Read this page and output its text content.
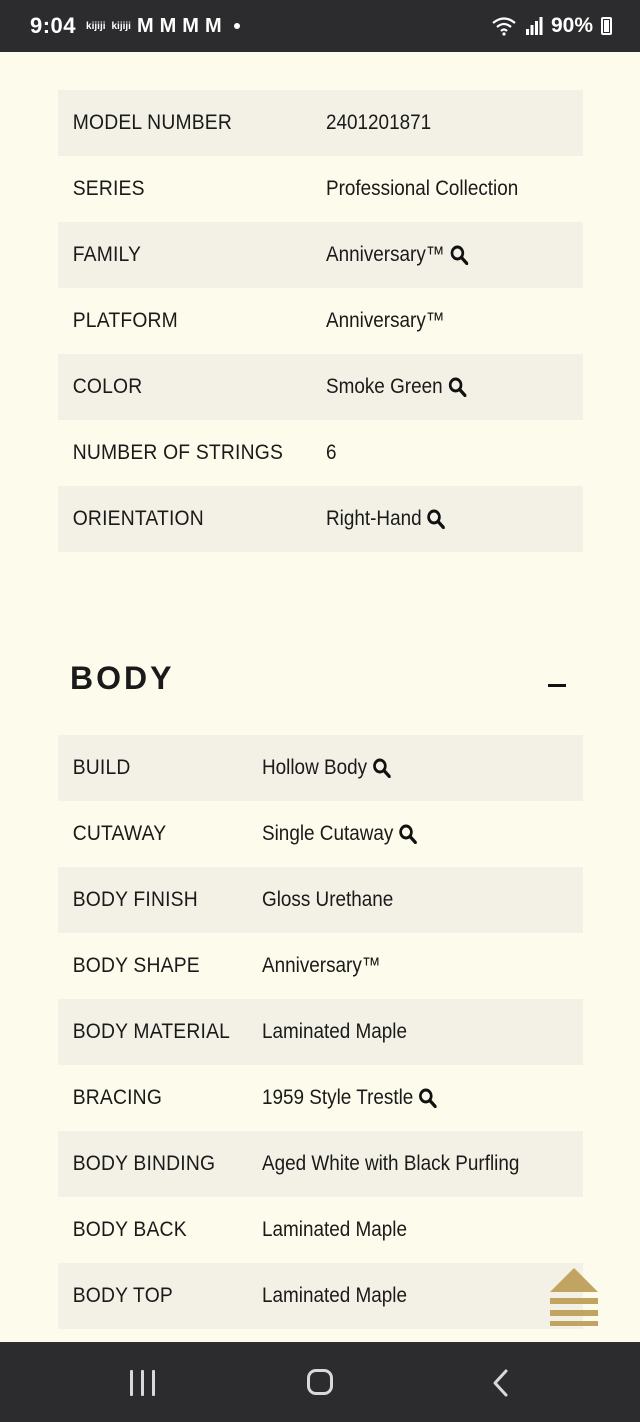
9:04 kijiji kijiji M M M M	90%
MODEL NUMBER	2401201871
SERIES	Professional Collection
FAMILY	Anniversary™
PLATFORM	Anniversary™
COLOR	Smoke Green
NUMBER OF STRINGS	6
ORIENTATION	Right-Hand
BODY
BUILD	Hollow Body
CUTAWAY	Single Cutaway
BODY FINISH	Gloss Urethane
BODY SHAPE	Anniversary™
BODY MATERIAL	Laminated Maple
BRACING	1959 Style Trestle
BODY BINDING	Aged White with Black Purfling
BODY BACK	Laminated Maple
BODY TOP	Laminated Maple
